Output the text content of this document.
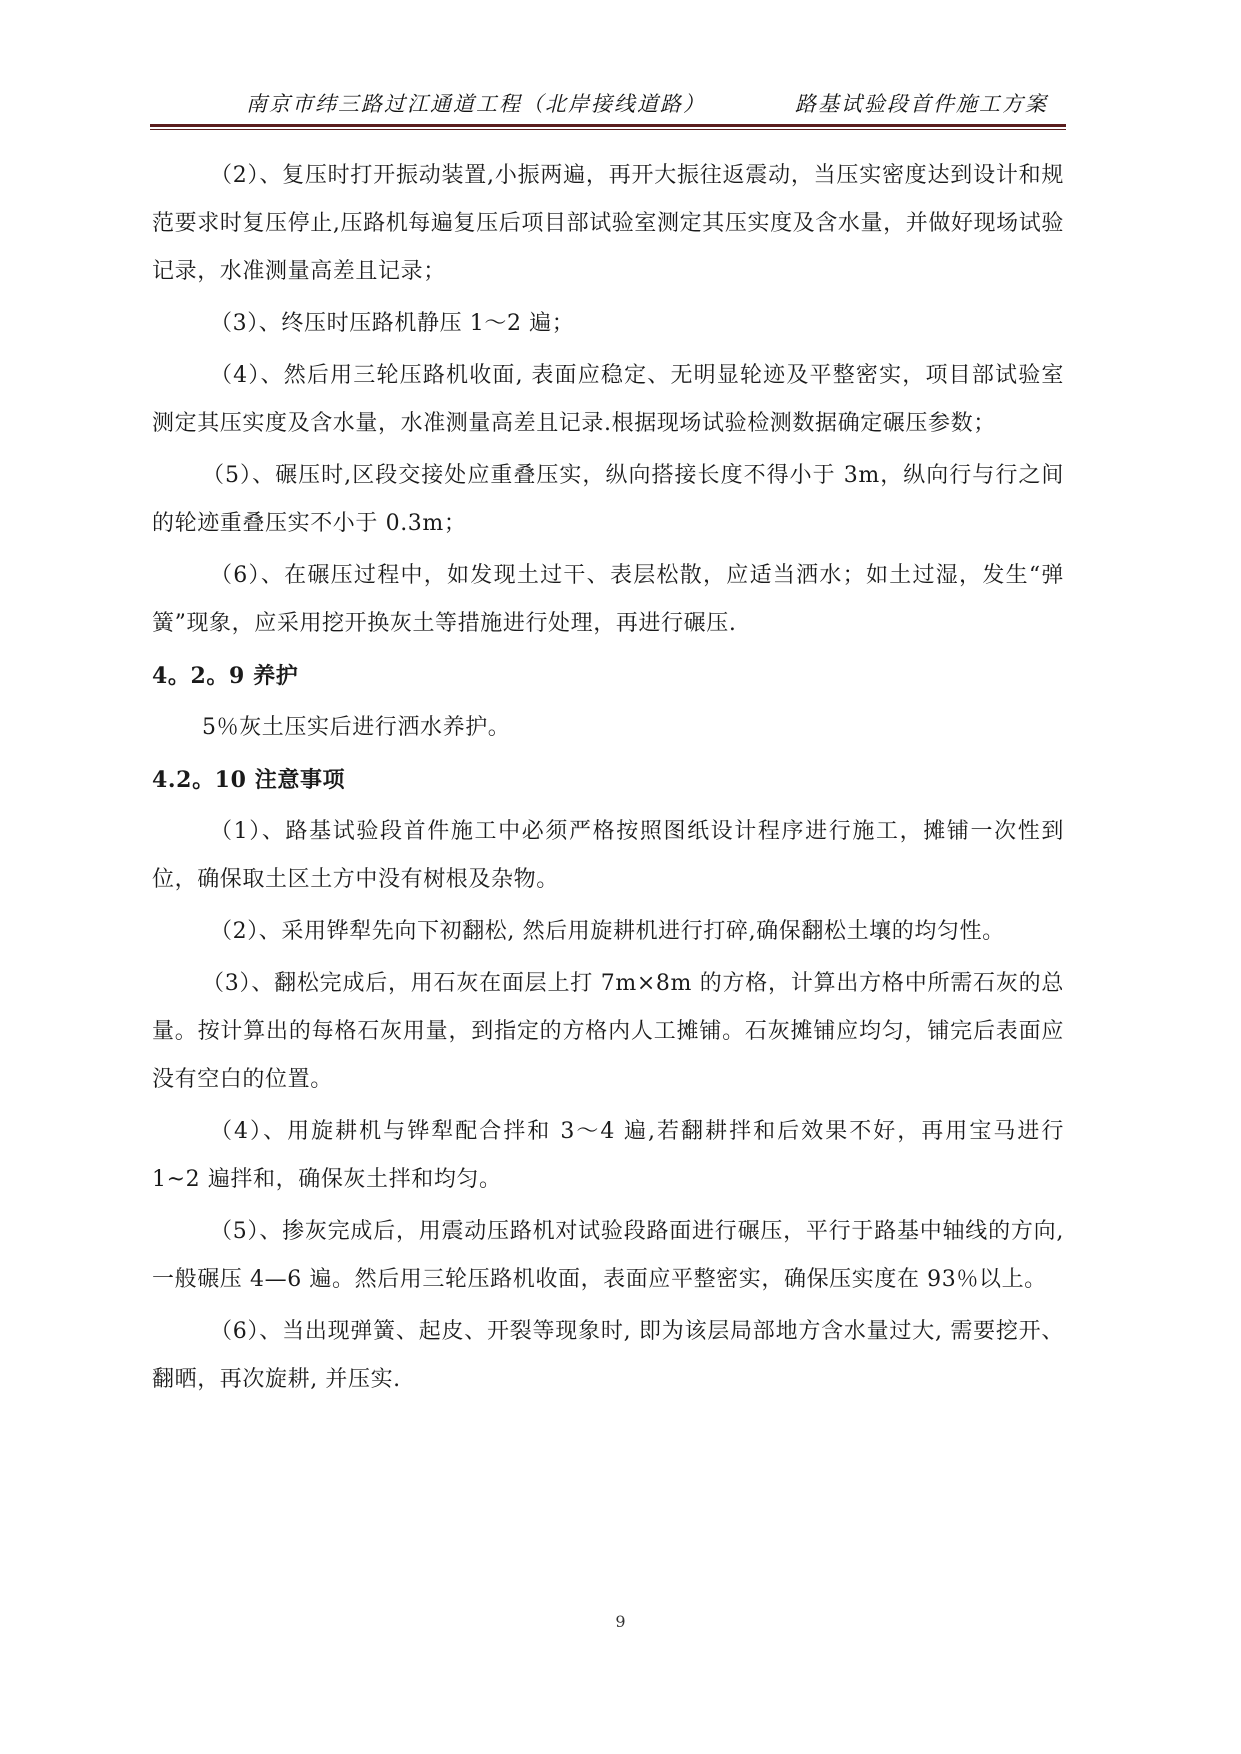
南京市纬三路过江通道工程（北岸接线道路）	路基试验段首件施工方案

（2）、复压时打开振动装置,小振两遍，再开大振往返震动，当压实密度达到设计和规范要求时复压停止,压路机每遍复压后项目部试验室测定其压实度及含水量，并做好现场试验记录，水准测量高差且记录；

（3）、终压时压路机静压 1～2 遍；

（4）、然后用三轮压路机收面, 表面应稳定、无明显轮迹及平整密实，项目部试验室测定其压实度及含水量，水准测量高差且记录.根据现场试验检测数据确定碾压参数；

（5）、碾压时,区段交接处应重叠压实，纵向搭接长度不得小于 3m，纵向行与行之间的轮迹重叠压实不小于 0.3m；

（6）、在碾压过程中，如发现土过干、表层松散，应适当洒水；如土过湿，发生“弹簧”现象，应采用挖开换灰土等措施进行处理，再进行碾压.

4。2。9 养护

5％灰土压实后进行洒水养护。

4.2。10 注意事项

（1）、路基试验段首件施工中必须严格按照图纸设计程序进行施工，摊铺一次性到位，确保取土区土方中没有树根及杂物。

（2）、采用铧犁先向下初翻松, 然后用旋耕机进行打碎,确保翻松土壤的均匀性。

（3）、翻松完成后，用石灰在面层上打 7m×8m 的方格，计算出方格中所需石灰的总量。按计算出的每格石灰用量，到指定的方格内人工摊铺。石灰摊铺应均匀，铺完后表面应没有空白的位置。

（4）、用旋耕机与铧犁配合拌和 3～4 遍,若翻耕拌和后效果不好，再用宝马进行 1~2 遍拌和，确保灰土拌和均匀。

（5）、掺灰完成后，用震动压路机对试验段路面进行碾压，平行于路基中轴线的方向, 一般碾压 4—6 遍。然后用三轮压路机收面，表面应平整密实，确保压实度在 93％以上。

（6）、当出现弹簧、起皮、开裂等现象时, 即为该层局部地方含水量过大, 需要挖开、翻晒，再次旋耕, 并压实.

9
